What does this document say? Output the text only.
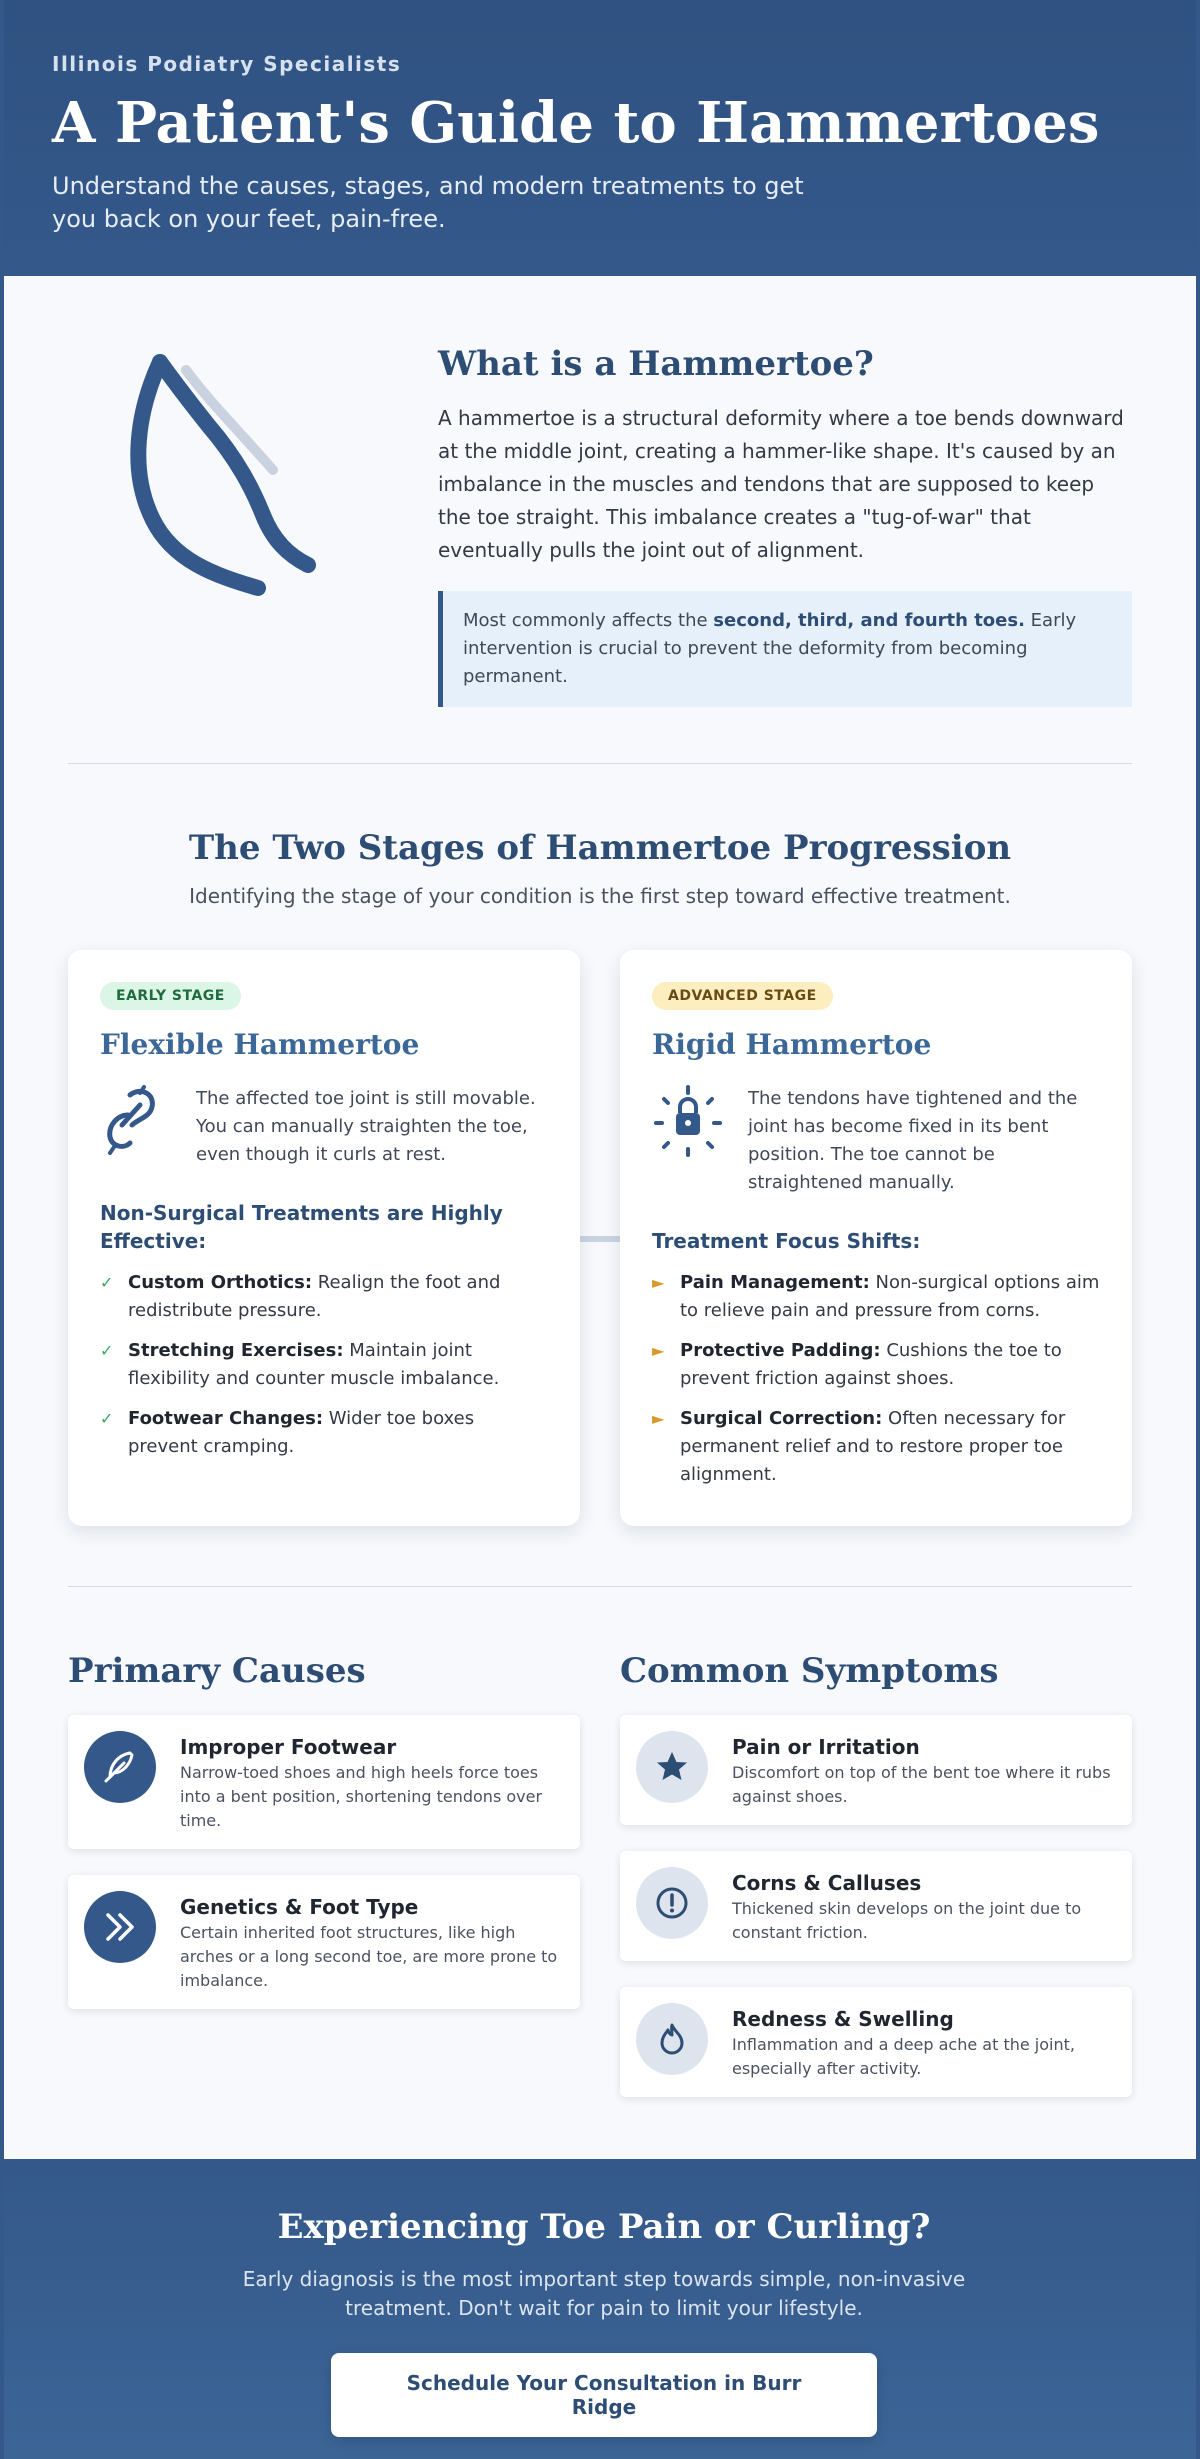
Illinois Podiatry Specialists
A Patient's Guide to Hammertoes
Understand the causes, stages, and modern treatments to get you back on your feet, pain-free.
What is a Hammertoe?

A hammertoe is a structural deformity where a toe bends downward at the middle joint, creating a hammer-like shape. It's caused by an imbalance in the muscles and tendons that are supposed to keep the toe straight. This imbalance creates a "tug-of-war" that eventually pulls the joint out of alignment.

Most commonly affects the second, third, and fourth toes. Early intervention is crucial to prevent the deformity from becoming permanent.
The Two Stages of Hammertoe Progression
Identifying the stage of your condition is the first step toward effective treatment.
EARLY STAGE
Flexible Hammertoe

The affected toe joint is still movable. You can manually straighten the toe, even though it curls at rest.

Non-Surgical Treatments are Highly Effective:
✓ Custom Orthotics: Realign the foot and redistribute pressure.
✓ Stretching Exercises: Maintain joint flexibility and counter muscle imbalance.
✓ Footwear Changes: Wider toe boxes prevent cramping.
ADVANCED STAGE
Rigid Hammertoe

The tendons have tightened and the joint has become fixed in its bent position. The toe cannot be straightened manually.

Treatment Focus Shifts:
► Pain Management: Non-surgical options aim to relieve pain and pressure from corns.
► Protective Padding: Cushions the toe to prevent friction against shoes.
► Surgical Correction: Often necessary for permanent relief and to restore proper toe alignment.
Primary Causes
Improper Footwear

Narrow-toed shoes and high heels force toes into a bent position, shortening tendons over time.

Genetics & Foot Type

Certain inherited foot structures, like high arches or a long second toe, are more prone to imbalance.

Common Symptoms
Pain or Irritation

Discomfort on top of the bent toe where it rubs against shoes.

Corns & Calluses

Thickened skin develops on the joint due to constant friction.

Redness & Swelling

Inflammation and a deep ache at the joint, especially after activity.

Experiencing Toe Pain or Curling?

Early diagnosis is the most important step towards simple, non-invasive treatment. Don't wait for pain to limit your lifestyle.

Schedule Your Consultation in Burr Ridge
